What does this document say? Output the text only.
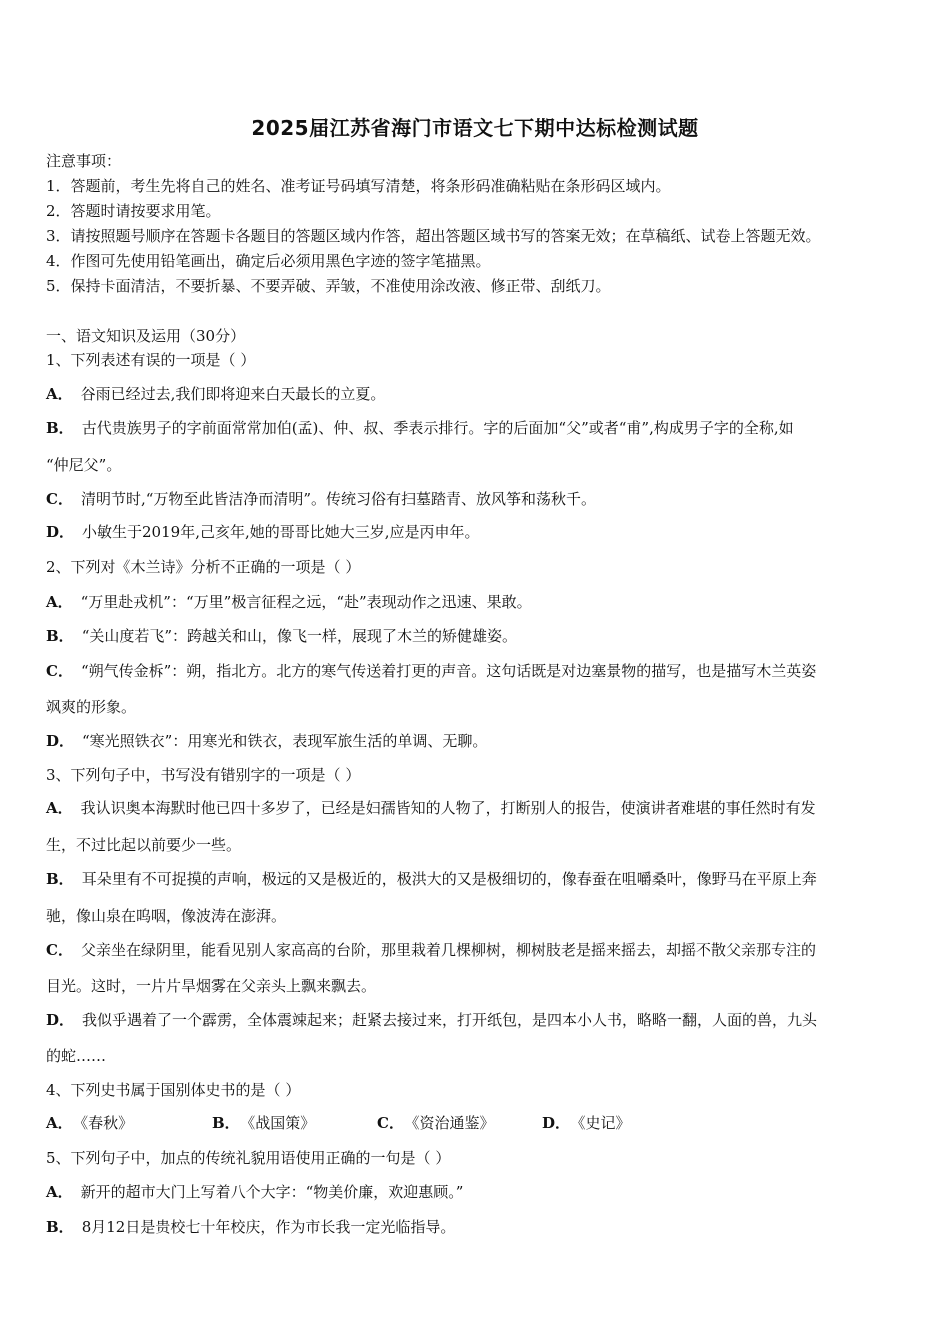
2025届江苏省海门市语文七下期中达标检测试题
注意事项：
1．答题前，考生先将自己的姓名、准考证号码填写清楚，将条形码准确粘贴在条形码区域内。
2．答题时请按要求用笔。
3．请按照题号顺序在答题卡各题目的答题区域内作答，超出答题区域书写的答案无效；在草稿纸、试卷上答题无效。
4．作图可先使用铅笔画出，确定后必须用黑色字迹的签字笔描黑。
5．保持卡面清洁，不要折暴、不要弄破、弄皱，不准使用涂改液、修正带、刮纸刀。
一、语文知识及运用（30分）
1、下列表述有误的一项是（ ）
A． 谷雨已经过去,我们即将迎来白天最长的立夏。
B． 古代贵族男子的字前面常常加伯(孟)、仲、叔、季表示排行。字的后面加“父”或者“甫”,构成男子字的全称,如
“仲尼父”。
C． 清明节时,“万物至此皆洁净而清明”。传统习俗有扫墓踏青、放风筝和荡秋千。
D． 小敏生于2019年,己亥年,她的哥哥比她大三岁,应是丙申年。
2、下列对《木兰诗》分析不正确的一项是（ ）
A． “万里赴戎机”：“万里”极言征程之远，“赴”表现动作之迅速、果敢。
B． “关山度若飞”：跨越关和山，像飞一样，展现了木兰的矫健雄姿。
C． “朔气传金柝”：朔，指北方。北方的寒气传送着打更的声音。这句话既是对边塞景物的描写，也是描写木兰英姿
飒爽的形象。
D． “寒光照铁衣”：用寒光和铁衣，表现军旅生活的单调、无聊。
3、下列句子中，书写没有错别字的一项是（ ）
A． 我认识奥本海默时他已四十多岁了，已经是妇孺皆知的人物了，打断别人的报告，使演讲者难堪的事任然时有发
生，不过比起以前要少一些。
B． 耳朵里有不可捉摸的声响，极远的又是极近的，极洪大的又是极细切的，像春蚕在咀嚼桑叶，像野马在平原上奔
驰，像山泉在呜咽，像波涛在澎湃。
C． 父亲坐在绿阴里，能看见别人家高高的台阶，那里栽着几棵柳树，柳树肢老是摇来摇去，却摇不散父亲那专注的
目光。这时，一片片旱烟雾在父亲头上飘来飘去。
D． 我似乎遇着了一个霹雳，全体震竦起来；赶紧去接过来，打开纸包，是四本小人书，略略一翻，人面的兽，九头
的蛇……
4、下列史书属于国别体史书的是（ ）
A． 《春秋》	B． 《战国策》	C． 《资治通鉴》	D． 《史记》
5、下列句子中，加点的传统礼貌用语使用正确的一句是（ ）
A． 新开的超市大门上写着八个大字：“物美价廉，欢迎惠顾。”
B． 8月12日是贵校七十年校庆，作为市长我一定光临指导。
